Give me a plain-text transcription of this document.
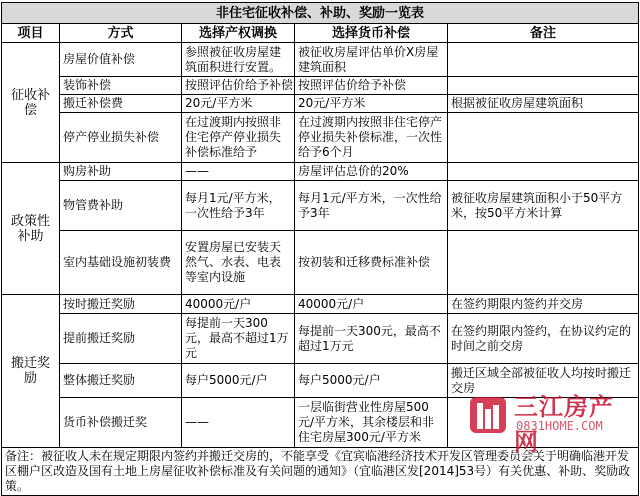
非住宅征收补偿、补助、奖励一览表				
项目	方式	选择产权调换	选择货币补偿	备注
征收补偿	房屋价值补偿	参照被征收房屋建筑面积进行安置。	被征收房屋评估单价X房屋建筑面积	
	装饰补偿	按照评估价给予补偿	按照评估价给予补偿	
	搬迁补偿费	20元/平方米	20元/平方米	根据被征收房屋建筑面积
	停产停业损失补偿	在过渡期内按照非住宅停产停业损失补偿标准给予	在过渡期内按照非住宅停产停业损失补偿标准，一次性给予6个月	
政策性补助	购房补助	——	房屋评估总价的20%	
	物管费补助	每月1元/平方米，一次性给予3年	每月1元/平方米，一次性给予3年	被征收房屋建筑面积小于50平方米，按50平方米计算
	室内基础设施初装费	安置房屋已安装天然气、水表、电表等室内设施	按初装和迁移费标准补偿	
搬迁奖励	按时搬迁奖励	40000元/户	40000元/户	在签约期限内签约并交房
	提前搬迁奖励	每提前一天300元，最高不超过1万元	每提前一天300元，最高不超过1万元	在签约期限内签约，在协议约定的时间之前交房
	整体搬迁奖励	每户5000元/户	每户5000元/户	搬迁区域全部被征收人均按时搬迁交房
	货币补偿搬迁奖	——	一层临街营业性房屋500元/平方米，其余楼层和非住宅房屋300元/平方米	
备注：被征收人未在规定期限内签约并搬迁交房的，不能享受《宜宾临港经济技术开发区管理委员会关于明确临港开发区棚户区改造及国有土地上房屋征收补偿标准及有关问题的通知》（宜临港区发[2014]53号）有关优惠、补助、奖励政策。				
三江房产网
0831HOME.COM
